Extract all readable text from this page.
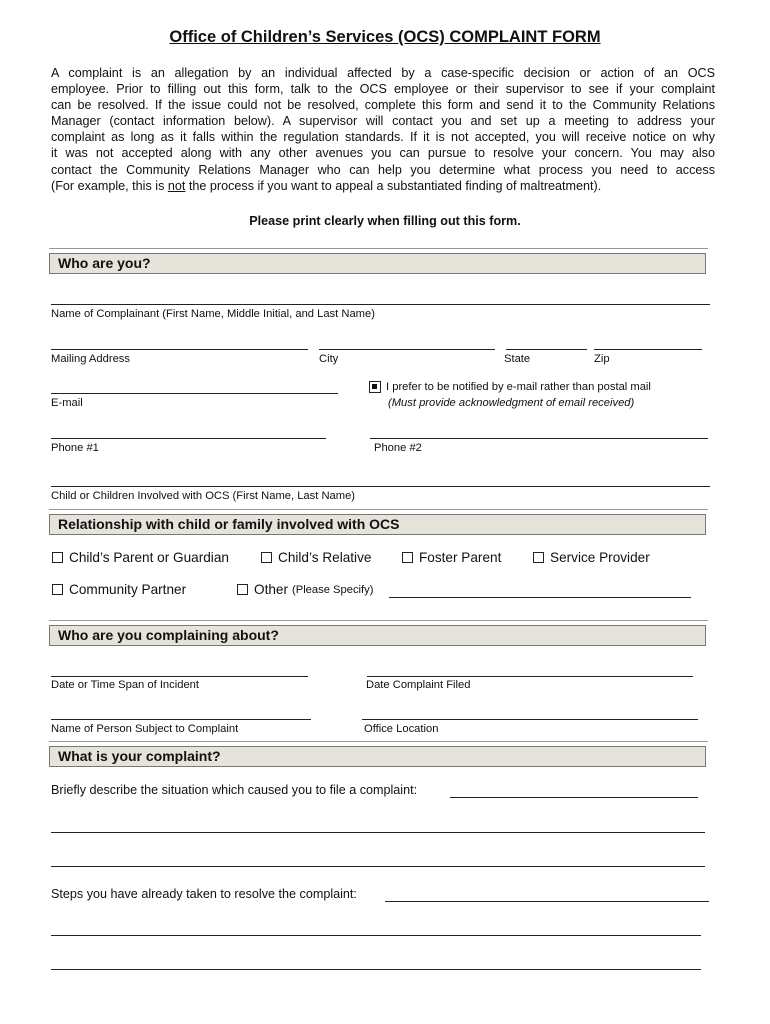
Office of Children’s Services (OCS) COMPLAINT FORM
A complaint is an allegation by an individual affected by a case-specific decision or action of an OCS
employee. Prior to filling out this form, talk to the OCS employee or their supervisor to see if your complaint
can be resolved. If the issue could not be resolved, complete this form and send it to the Community Relations
Manager (contact information below). A supervisor will contact you and set up a meeting to address your
complaint as long as it falls within the regulation standards. If it is not accepted, you will receive notice on why
it was not accepted along with any other avenues you can pursue to resolve your concern. You may also
contact the Community Relations Manager who can help you determine what process you need to access
(For example, this is not the process if you want to appeal a substantiated finding of maltreatment).
Please print clearly when filling out this form.
Who are you?
Name of Complainant (First Name, Middle Initial, and Last Name)
Mailing Address	City	State	Zip
E-mail
I prefer to be notified by e-mail rather than postal mail
(Must provide acknowledgment of email received)
Phone #1	Phone #2
Child or Children Involved with OCS (First Name, Last Name)
Relationship with child or family involved with OCS
Child’s Parent or Guardian	Child’s Relative	Foster Parent	Service Provider
Community Partner	Other (Please Specify)
Who are you complaining about?
Date or Time Span of Incident	Date Complaint Filed
Name of Person Subject to Complaint	Office Location
What is your complaint?
Briefly describe the situation which caused you to file a complaint:
Steps you have already taken to resolve the complaint:
